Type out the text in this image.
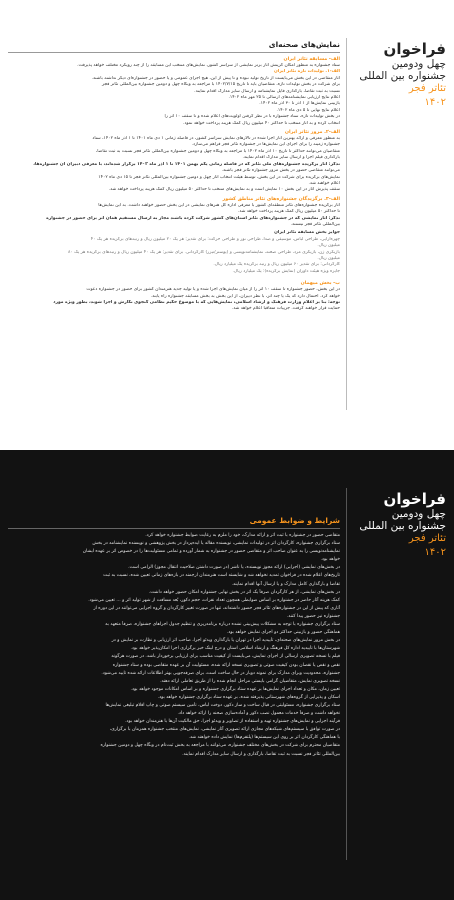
فراخوان
چهل ودومین
جشنواره بین المللی
تئاتر فجر
۱۴۰۲
نمایش‌های صحنه‌ای
الف- مسابقه تئاتر ایران
ستاد جشنواره به منظور امکان گزینش آثار برتر نمایشی از سراسر کشور، نمایش‌های منتخب این مسابقه را از چند رویکرد مختلف خواهد پذیرفت.
الف-۱. تولیدات تازه تئاتر ایران
آثار متقاضی در این بخش می‌بایست از تاریخ تولید نبوده و تا پیش از این، هیچ اجرای عمومی و یا حضور در جشنواره‌ای دیگر نداشته باشند.
برای شرکت در بخش تولیدات تازه، متقاضیان باید تا تاریخ ۱۴۰۲/۷/۱۵ با مراجعه به وبگاه چهل و دومین جشنواره بین‌المللی تئاتر فجر
نسبت به ثبت تقاضا، بارگذاری فایل نمایشنامه و ارسال سایر مدارک اقدام نمایند.
اعلام نتایج ارزیابی نمایشنامه‌های ارسالی تا ۲۵ مهر ماه ۱۴۰۲.
بازبینی نمایش‌ها از ۱ آذر تا ۳۰ آذر ماه ۱۴۰۲.
اعلام نتایج نهایی تا ۵ دی ماه ۱۴۰۲.
در بخش تولیدات تازه، ستاد جشنواره با در نظر گرفتن اولویت‌های اعلام شده و تا سقف ۱۰ اثر را
انتخاب کرده و به آثار منتخب تا حداکثر ۴۰ میلیون ریال کمک هزینه پرداخت خواهد نمود.
الف-۲. مرور تئاتر ایران
به منظور معرفی و ارائه بهترین آثار اجرا شده در تالارهای نمایش سراسر کشور، در فاصله زمانی ۱ دی ماه ۱۴۰۱ تا ۱ آذر ماه ۱۴۰۲، ستاد
جشنواره زمینه را برای اجرای این نمایش‌ها در جشنواره تئاتر فجر فراهم می‌سازد.
متقاضیان می‌توانند حداکثر تا تاریخ ۱۰ آذر ماه ۱۴۰۲ با مراجعه به وبگاه چهل و دومین جشنواره بین‌المللی تئاتر فجر نسبت به ثبت تقاضا،
بارگذاری فیلم اجرا و ارسال سایر مدارک اقدام نمایند.
تذکر: آثار برگزیده جشنواره‌های ملی تئاتر که در فاصله زمانی یکم بهمن ۱۴۰۱ تا ۱ آذر ماه ۱۴۰۲ برگزار شده‌اند، با معرفی دبیران آن جشنواره‌ها،
می‌توانند متقاضی حضور در بخش مرور جشنواره تئاتر فجر باشند.
نمایش‌های برگزیده برای شرکت در این بخش، توسط هیئت انتخاب آثار چهل و دومین جشنواره بین‌المللی تئاتر فجر تا ۱۵ دی ماه ۱۴۰۲
اعلام خواهند شد.
سقف پذیرش آثار در این بخش ۱۰ نمایش است و به نمایش‌های منتخب تا حداکثر ۵۰ میلیون ریال کمک هزینه پرداخت خواهد شد.
الف-۳. برگزیدگان جشنواره‌های تئاتر مناطق کشور
آثار برگزیده جشنواره‌های تئاتر منطقه‌ای کشور با معرفی اداره کل هنرهای نمایشی در این بخش حضور خواهند داشت. به این نمایش‌ها
تا حداکثر ۵۰ میلیون ریال کمک هزینه پرداخت خواهد شد.
تذکر: آثار نمایشی که در جشنواره‌های تئاتر استان‌های کشور شرکت کرده باشند مجاز به ارسال مستقیم همان اثر برای حضور در جشنواره
بین‌المللی تئاتر فجر نیستند.
جوایز بخش مسابقه تئاتر ایران
چهره‌آرایی، طراحی لباس، موسیقی و صدا، طراحی نور و طراحی حرکت: برای تقدیر: هر یک ۲۰ میلیون ریال و رتبه‌های برگزیده هر یک ۴۰
میلیون ریال.
بازیگری زن، بازیگری مرد، طراحی صحنه، نمایشنامه‌نویسی و (پوستر/تیزر) کارگردانی. برای تقدیر: هر یک ۴۰ میلیون ریال و رتبه‌های برگزیده هر یک ۸۰
میلیون ریال.
کارگردانی: برای تقدیر ۶۰ میلیون ریال و رتبه برگزیده یک میلیارد ریال.
جایزه ویژه هیئت داوران (نمایش برگزیده): یک میلیارد ریال.
ب- بخش میهمان
در این بخش، حضور جشنواره تا سقف ۱۰ اثر را از میان نمایش‌های اجرا شده و یا تولید جدید هنرمندان کشور برای حضور در جشنواره دعوت
خواهد کرد. احتمال دارد که یک یا چند اثر، با نظر دبیران، از این بخش به بخش مسابقه جشنواره راه یابند.
توجه: بنا بر اعلام وزارت فرهنگ و ارشاد اسلامی، نمایش‌هایی که با موضوع حکیم نظامی گنجوی نگارش و اجرا شوند، بطور ویژه مورد
حمایت قرار خواهند گرفت. جزییات متعاقباً اعلام خواهد شد.
فراخوان
چهل ودومین
جشنواره بین المللی
تئاتر فجر
۱۴۰۲
شرایط و ضوابط عمومی
متقاضی حضور در جشنواره با ثبت اثر و ارائه مدارک، خود را ملزم به رعایت ضوابط جشنواره خواهد کرد.
ستاد برگزاری جشنواره، کارگردان اثر در تولیدات نمایشی، نویسنده مقاله یا ایده‌پرداز در بخش پژوهشی و نویسنده نمایشنامه در بخش
نمایشنامه‌نویسی را به عنوان صاحب اثر و متقاضی حضور در جشنواره به شمار آورده و تمامی مسئولیت‌ها را در خصوص اثر بر عهده ایشان
خواهد بود.
در بخش‌های نمایشی (اجرایی) ارائه مجوز نویسنده، یا ناشر (در صورت داشتن صلاحیت انتقال مجوز) الزامی است.
تاریخ‌های اعلام شده در فراخوان تمدید نخواهد شد و شایسته است هنرمندان ارجمند در بازه‌های زمانی تعیین شده، نسبت به ثبت
تقاضا و بارگذاری کامل مدارک و یا ارسال آنها اقدام نمایند.
در بخش‌های نمایشی، از هر کارگردان صرفاً یک اثر در بخش نهایی جشنواره امکان حضور خواهد داشت.
کمک هزینه آثار حاضر در جشنواره بر اساس ضوابطی همچون تعداد نفرات، حجم دکور، بُعد مسافت از شهر تولید اثر و ... تعیین می‌شود.
آثاری که پیش از این در جشنواره‌های تئاتر فجر حضور داشته‌اند، تنها در صورت تغییر کارگردان و گروه اجرایی می‌توانند در این دوره از
جشنواره نیز حضور پیدا کنند.
ستاد برگزاری جشنواره با توجه به مشکلات پیش‌بینی نشده درباره برنامه‌ریزی و تنظیم جدول اجراهای جشنواره، صرفاً متعهد به
هماهنگی حضور و بازبینی حداکثر دو اجرای نمایش خواهد بود.
در بخش مرور نمایش‌های صحنه‌ای، تأییدیه اجرا در تهران یا بارگذاری ویدئو اجرا، صاحب اثر ارزیابی و نظارت بر نمایش و در
شهرستان‌ها با تأییدیه اداره کل فرهنگ و ارشاد اسلامی استان و درج لینک خبر برگزاری اجرا امکان‌پذیر خواهد بود.
فیلم با نسخه تصویری ارسالی از اجرای نمایش، می‌بایست از کیفیت مناسب برای ارزیابی برخوردار باشد. در صورت هرگونه
نقص و نقص یا نقصان بودن کیفیت صوتی و تصویری نسخه ارائه شده، مسئولیت آن بر عهده متقاضی بوده و ستاد جشنواره
جشنواره، محدودیت وبرای مدارک برای نمونه دوبار در حال ساخت است، برای صرفه‌جویی بهتر اطلاعات ارائه شده تایید می‌شود.
نسخه تصویری نمایش، متقاضیان گرامی بایستی مراحل انجام شده را از طریق تعاملی ارائه دهند.
تعیین زمان، مکان و تعداد اجرای نمایش‌ها بر عهده ستاد برگزاری جشنواره و بر اساس امکانات موجود خواهد بود.
اسکان و پذیرایی از گروه‌های شهرستانی پذیرفته شده، بر عهده ستاد برگزاری جشنواره خواهد بود.
ستاد برگزاری جشنواره، مسئولیتی در قبال ساخت و ساز دکور، دوخت لباس، تأمین سیستم صوتی و چاپ اقلام تبلیغی نمایش‌ها
نخواهد داشت و صرفاً خدمات معمول نصب دکور و آماده‌سازی صحنه را ارائه خواهد داد.
فرآیند اجرایی و نمایش‌های جشنواره تهیه و استفاده از تصاویر و ویدئو اجرا، حق مالکیت آن‌ها با هنرمندان خواهد بود.
در صورت توافق با سیستم‌های شبکه‌های مجازی ارائه تصویری آثار نمایشی، نمایش‌های منتخب جشنواره همزمان با برگزاری،
با هماهنگی کارگردان اثر بر روی این سیستم‌ها (پلتفرم‌ها) نمایش داده خواهند شد.
متقاضیان محترم برای شرکت در بخش‌های مختلف جشنواره، می‌توانند با مراجعه به بخش ثبت‌نام در وبگاه چهل و دومین جشنواره
بین‌المللی تئاتر فجر نسبت به ثبت تقاضا، بارگذاری و ارسال سایر مدارک اقدام نمایند.
